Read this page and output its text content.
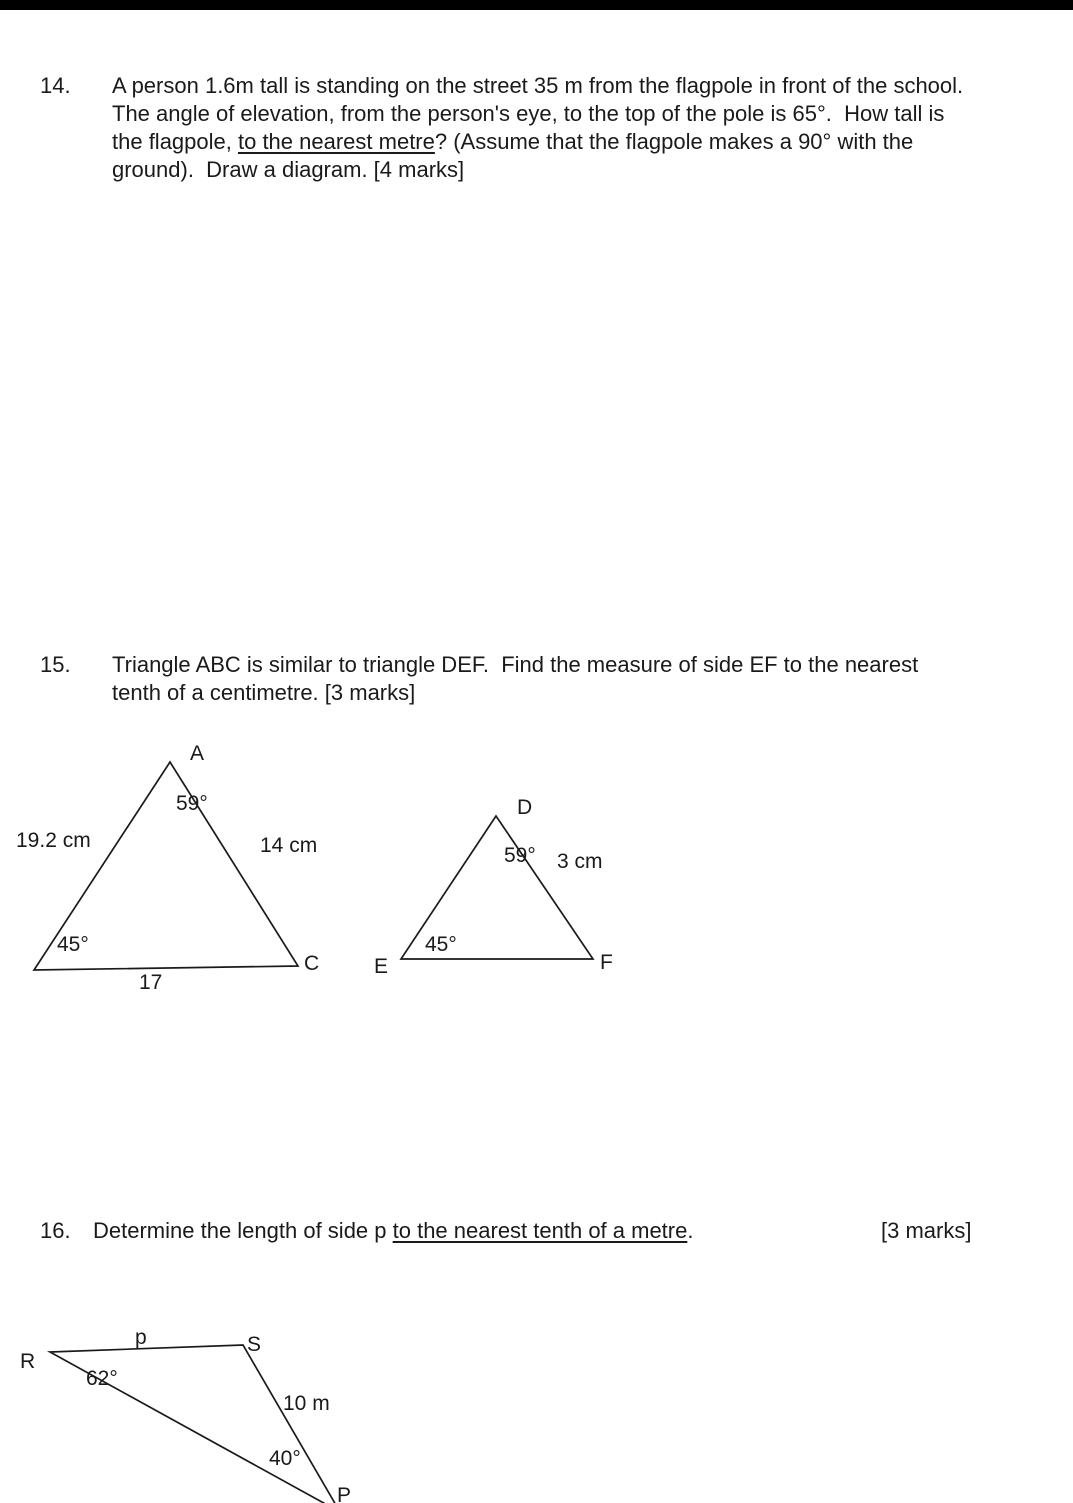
14. A person 1.6m tall is standing on the street 35 m from the flagpole in front of the school.
The angle of elevation, from the person's eye, to the top of the pole is 65°.  How tall is
the flagpole, to the nearest metre? (Assume that the flagpole makes a 90° with the
ground).  Draw a diagram. [4 marks]
15. Triangle ABC is similar to triangle DEF.  Find the measure of side EF to the nearest
tenth of a centimetre. [3 marks]
A
59°
19.2 cm	14 cm
45°
C
17
D
59° 3 cm
E
45°
F
16. Determine the length of side p to the nearest tenth of a metre.	[3 marks]
R
p	S
62°
10 m
40°
P
